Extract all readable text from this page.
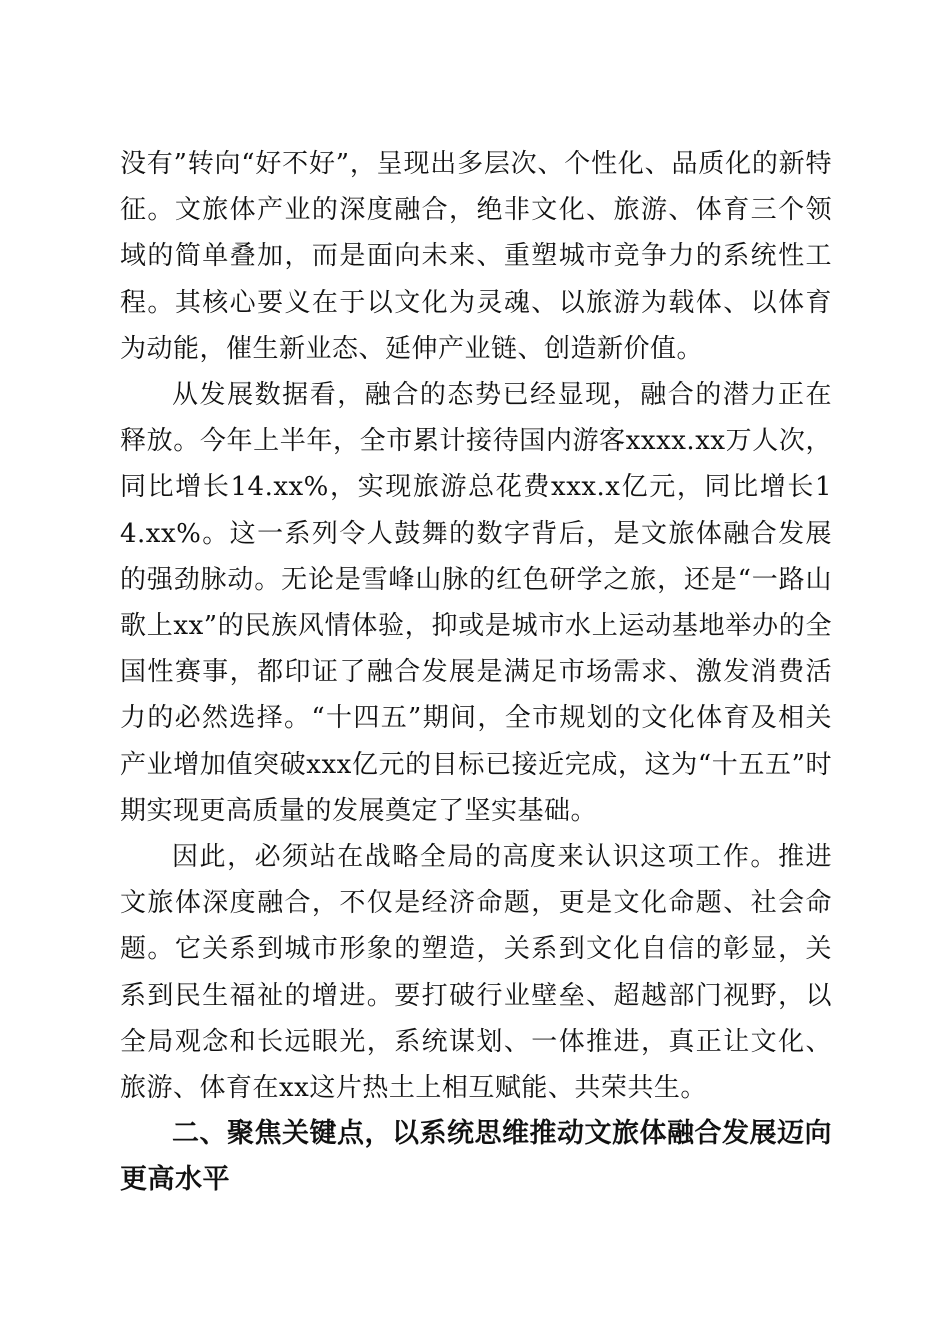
没有”转向“好不好”，呈现出多层次、个性化、品质化的新特征。文旅体产业的深度融合，绝非文化、旅游、体育三个领域的简单叠加，而是面向未来、重塑城市竞争力的系统性工程。其核心要义在于以文化为灵魂、以旅游为载体、以体育为动能，催生新业态、延伸产业链、创造新价值。

从发展数据看，融合的态势已经显现，融合的潜力正在释放。今年上半年，全市累计接待国内游客xxxx.xx万人次，同比增长14.xx%，实现旅游总花费xxx.x亿元，同比增长14.xx%。这一系列令人鼓舞的数字背后，是文旅体融合发展的强劲脉动。无论是雪峰山脉的红色研学之旅，还是“一路山歌上xx”的民族风情体验，抑或是城市水上运动基地举办的全国性赛事，都印证了融合发展是满足市场需求、激发消费活力的必然选择。“十四五”期间，全市规划的文化体育及相关产业增加值突破xxx亿元的目标已接近完成，这为“十五五”时期实现更高质量的发展奠定了坚实基础。

因此，必须站在战略全局的高度来认识这项工作。推进文旅体深度融合，不仅是经济命题，更是文化命题、社会命题。它关系到城市形象的塑造，关系到文化自信的彰显，关系到民生福祉的增进。要打破行业壁垒、超越部门视野，以全局观念和长远眼光，系统谋划、一体推进，真正让文化、旅游、体育在xx这片热土上相互赋能、共荣共生。

二、聚焦关键点，以系统思维推动文旅体融合发展迈向更高水平
